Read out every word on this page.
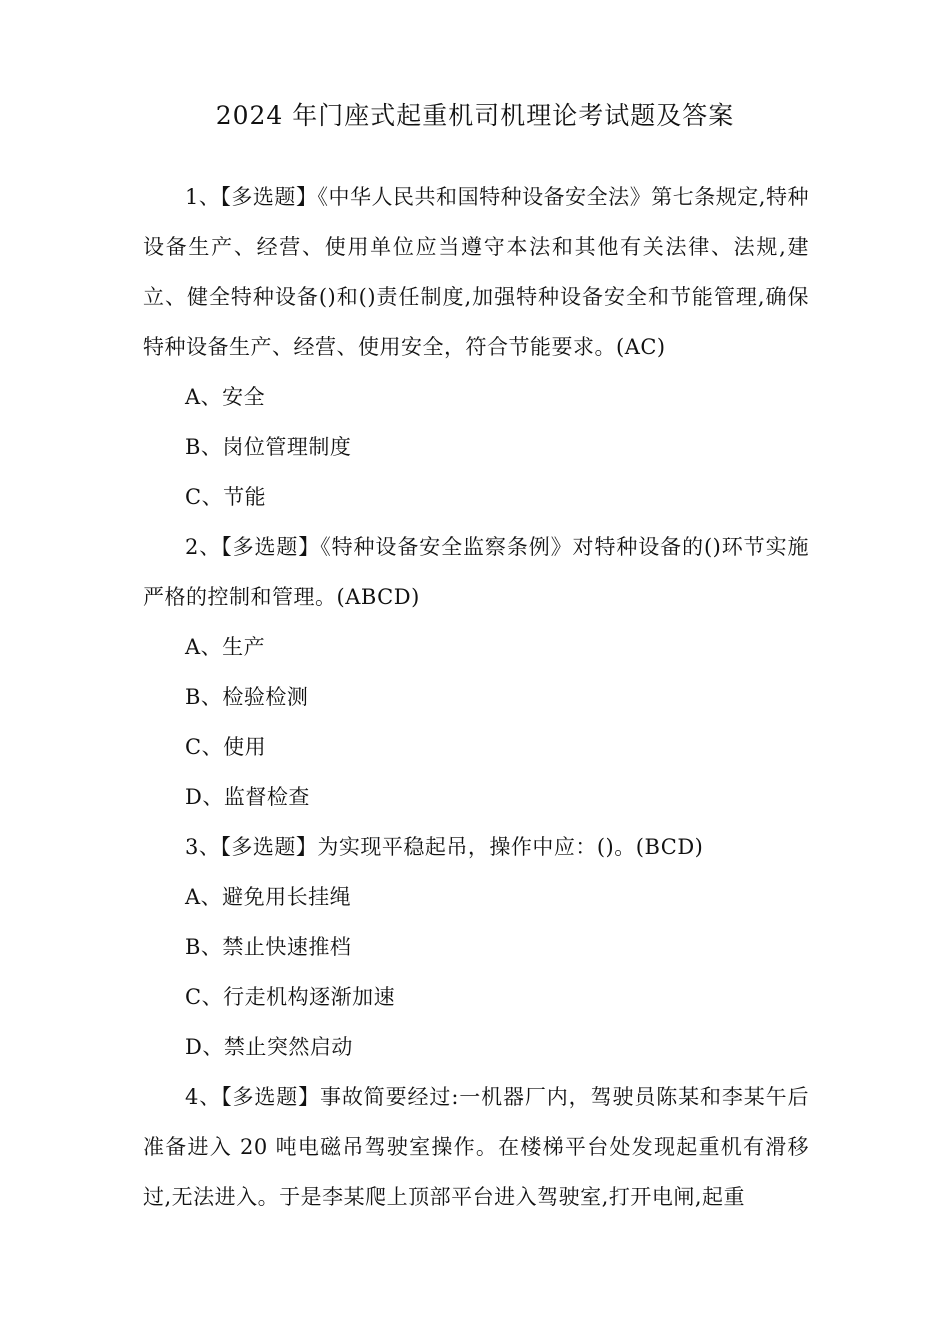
2024 年门座式起重机司机理论考试题及答案

1、【多选题】《中华人民共和国特种设备安全法》第七条规定,特种设备生产、经营、使用单位应当遵守本法和其他有关法律、法规,建立、健全特种设备()和()责任制度,加强特种设备安全和节能管理,确保特种设备生产、经营、使用安全，符合节能要求。(AC)

A、安全

B、岗位管理制度

C、节能

2、【多选题】《特种设备安全监察条例》对特种设备的()环节实施严格的控制和管理。(ABCD)

A、生产

B、检验检测

C、使用

D、监督检查

3、【多选题】为实现平稳起吊，操作中应：()。(BCD)

A、避免用长挂绳

B、禁止快速推档

C、行走机构逐渐加速

D、禁止突然启动

4、【多选题】事故简要经过:一机器厂内，驾驶员陈某和李某午后准备进入 20 吨电磁吊驾驶室操作。在楼梯平台处发现起重机有滑移过,无法进入。于是李某爬上顶部平台进入驾驶室,打开电闸,起重
